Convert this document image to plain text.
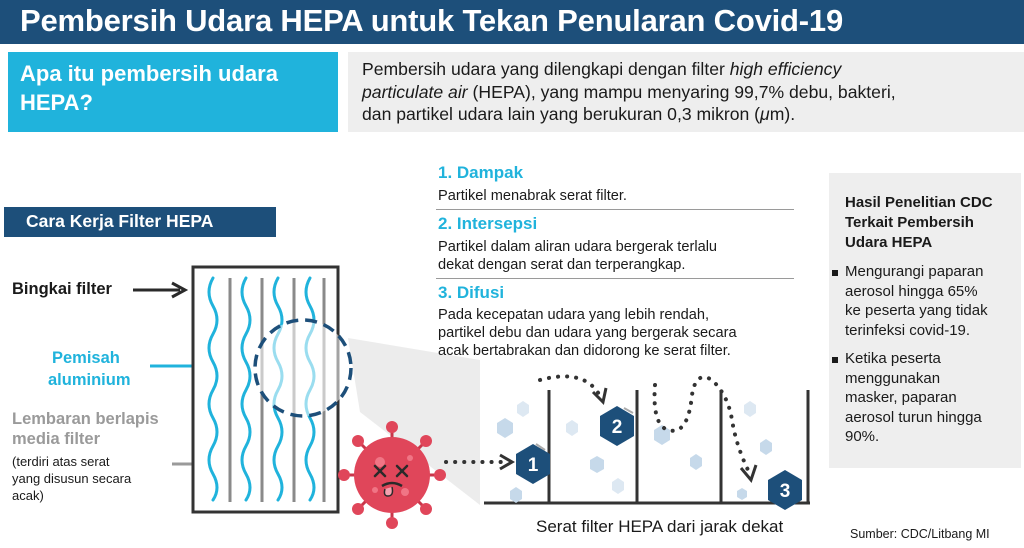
Pembersih Udara HEPA untuk Tekan Penularan Covid-19
Apa itu pembersih udara
HEPA?
Pembersih udara yang dilengkapi dengan filter high efficiency
particulate air (HEPA), yang mampu menyaring 99,7% debu, bakteri,
dan partikel udara lain yang berukuran 0,3 mikron (μm).
Cara Kerja Filter HEPA
1
2
3
Bingkai filter
Pemisah
aluminium
Lembaran berlapis
media filter
(terdiri atas serat
yang disusun secara
acak)
1. Dampak
Partikel menabrak serat filter.
2. Intersepsi
Partikel dalam aliran udara bergerak terlalu
dekat dengan serat dan terperangkap.
3. Difusi
Pada kecepatan udara yang lebih rendah,
partikel debu dan udara yang bergerak secara
acak bertabrakan dan didorong ke serat filter.
Hasil Penelitian CDC
Terkait Pembersih
Udara HEPA
Mengurangi paparan
aerosol hingga 65%
ke peserta yang tidak
terinfeksi covid-19.
Ketika peserta
menggunakan
masker, paparan
aerosol turun hingga
90%.
Serat filter HEPA dari jarak dekat	Sumber: CDC/Litbang MI
